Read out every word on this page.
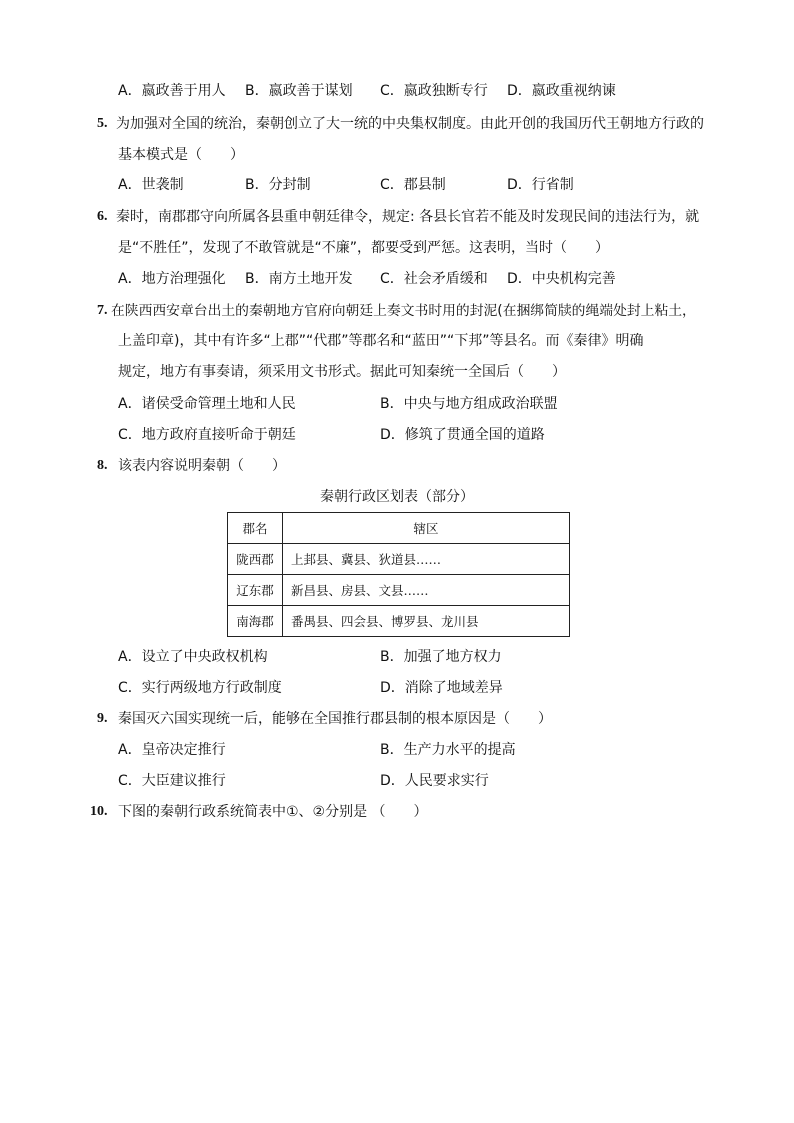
A．嬴政善于用人 B．嬴政善于谋划 C．嬴政独断专行 D．嬴政重视纳谏
5. 为加强对全国的统治，秦朝创立了大一统的中央集权制度。由此开创的我国历代王朝地方行政的
基本模式是（　　）
A．世袭制	B．分封制	C．郡县制	D．行省制
6. 秦时，南郡郡守向所属各县重申朝廷律令，规定: 各县长官若不能及时发现民间的违法行为，就
是“不胜任”，发现了不敢管就是“不廉”，都要受到严惩。这表明，当时（　　）
A．地方治理强化 B．南方土地开发 C．社会矛盾缓和 D．中央机构完善
7. 在陕西西安章台出土的秦朝地方官府向朝廷上奏文书时用的封泥(在捆绑简牍的绳端处封上粘土，
上盖印章)，其中有许多“上郡”“代郡”等郡名和“蓝田”“下邦”等县名。而《秦律》明确
规定，地方有事奏请，须采用文书形式。据此可知秦统一全国后（　　）
A．诸侯受命管理土地和人民	B．中央与地方组成政治联盟
C．地方政府直接听命于朝廷	D．修筑了贯通全国的道路
8. 该表内容说明秦朝（　　）
秦朝行政区划表（部分）
郡名	辖区
陇西郡	上邽县、冀县、狄道县……
辽东郡	新昌县、房县、文县……
南海郡	番禺县、四会县、博罗县、龙川县
A．设立了中央政权机构	B．加强了地方权力
C．实行两级地方行政制度	D．消除了地域差异
9. 秦国灭六国实现统一后，能够在全国推行郡县制的根本原因是（　　）
A．皇帝决定推行	B．生产力水平的提高
C．大臣建议推行	D．人民要求实行
10. 下图的秦朝行政系统简表中①、②分别是 （　　）
